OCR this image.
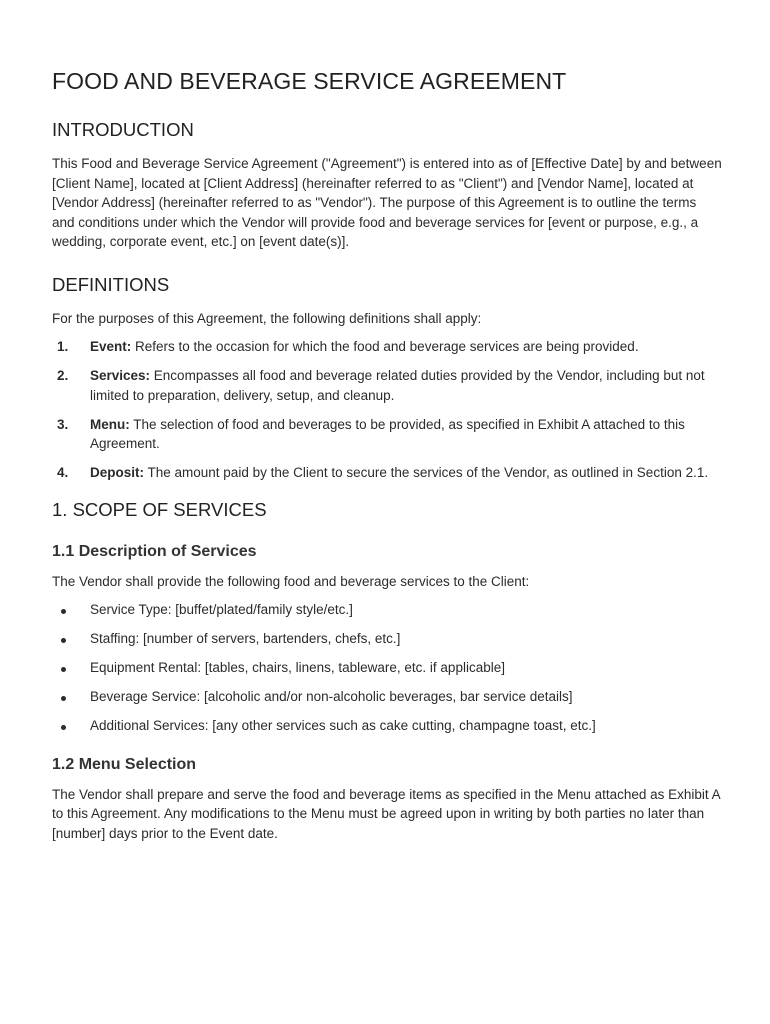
FOOD AND BEVERAGE SERVICE AGREEMENT
INTRODUCTION

This Food and Beverage Service Agreement ("Agreement") is entered into as of [Effective Date] by and between [Client Name], located at [Client Address] (hereinafter referred to as "Client") and [Vendor Name], located at [Vendor Address] (hereinafter referred to as "Vendor"). The purpose of this Agreement is to outline the terms and conditions under which the Vendor will provide food and beverage services for [event or purpose, e.g., a wedding, corporate event, etc.] on [event date(s)].

DEFINITIONS

For the purposes of this Agreement, the following definitions shall apply:

1. Event: Refers to the occasion for which the food and beverage services are being provided.
2. Services: Encompasses all food and beverage related duties provided by the Vendor, including but not limited to preparation, delivery, setup, and cleanup.
3. Menu: The selection of food and beverages to be provided, as specified in Exhibit A attached to this Agreement.
4. Deposit: The amount paid by the Client to secure the services of the Vendor, as outlined in Section 2.1.
1. SCOPE OF SERVICES
1.1 Description of Services

The Vendor shall provide the following food and beverage services to the Client:

Service Type: [buffet/plated/family style/etc.]
Staffing: [number of servers, bartenders, chefs, etc.]
Equipment Rental: [tables, chairs, linens, tableware, etc. if applicable]
Beverage Service: [alcoholic and/or non-alcoholic beverages, bar service details]
Additional Services: [any other services such as cake cutting, champagne toast, etc.]
1.2 Menu Selection

The Vendor shall prepare and serve the food and beverage items as specified in the Menu attached as Exhibit A to this Agreement. Any modifications to the Menu must be agreed upon in writing by both parties no later than [number] days prior to the Event date.
